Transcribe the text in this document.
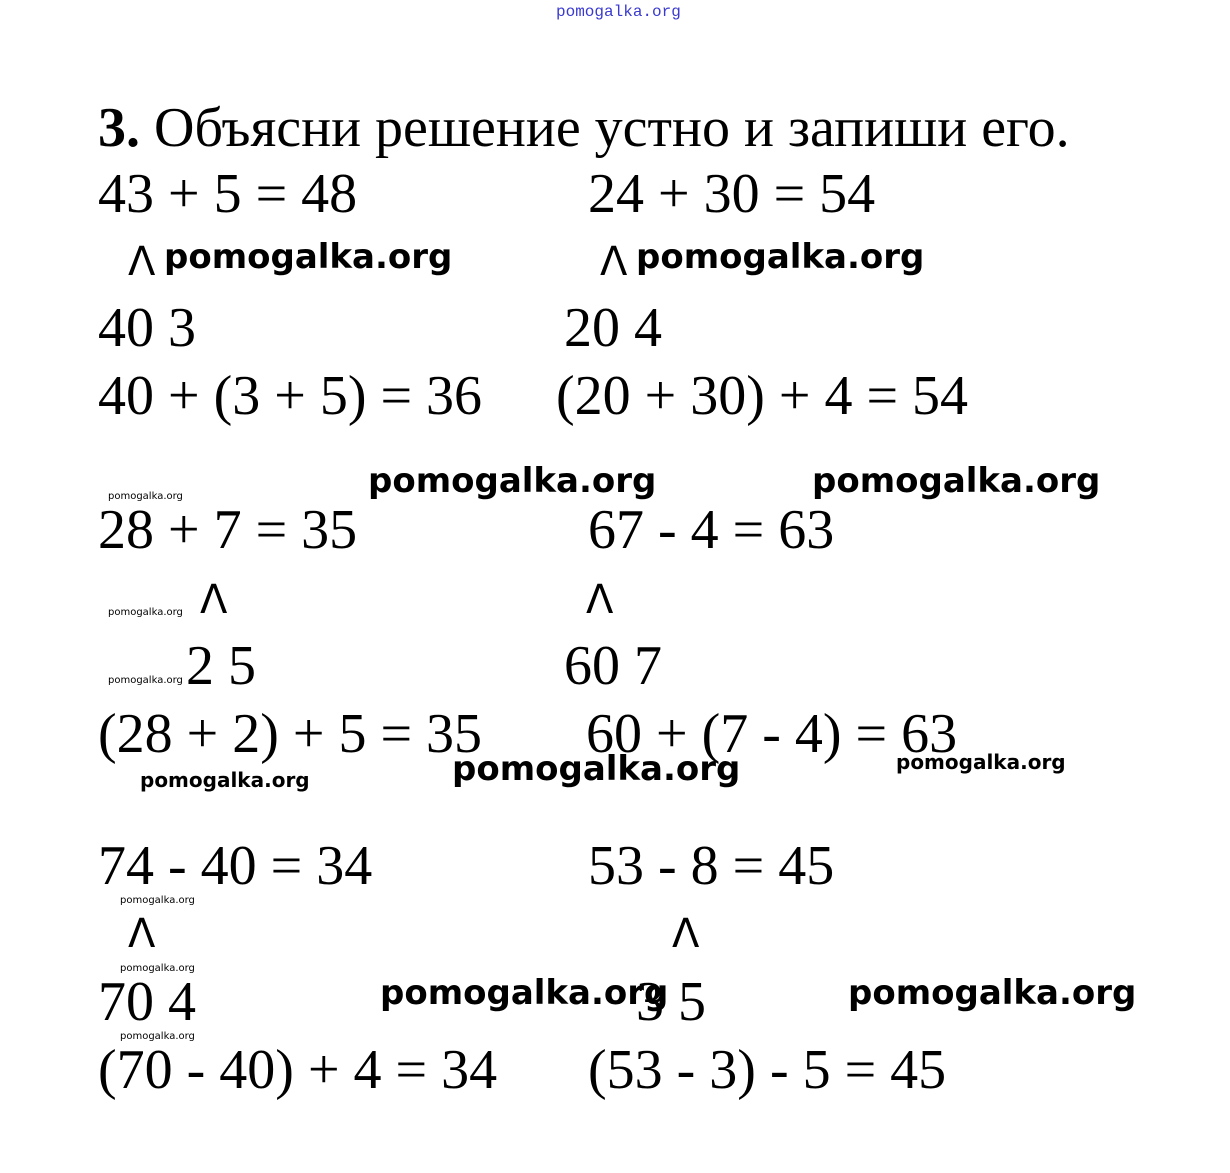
pomogalka.org
3. Объясни решение устно и запиши его.
43 + 5 = 48	24 + 30 = 54
Λ	Λ
40 3	20 4
40 + (3 + 5) = 36 (20 + 30) + 4 = 54
28 + 7 = 35	67 - 4 = 63
Λ	Λ
2 5	60 7
(28 + 2) + 5 = 35 60 + (7 - 4) = 63
74 - 40 = 34	53 - 8 = 45
Λ	Λ
70 4	3 5
(70 - 40) + 4 = 34 (53 - 3) - 5 = 45
pomogalka.org	pomogalka.org
pomogalka.org	pomogalka.org
pomogalka.org
pomogalka.org	pomogalka.org
pomogalka.org
pomogalka.org
pomogalka.org
pomogalka.org
pomogalka.org
pomogalka.org
pomogalka.org
pomogalka.org
